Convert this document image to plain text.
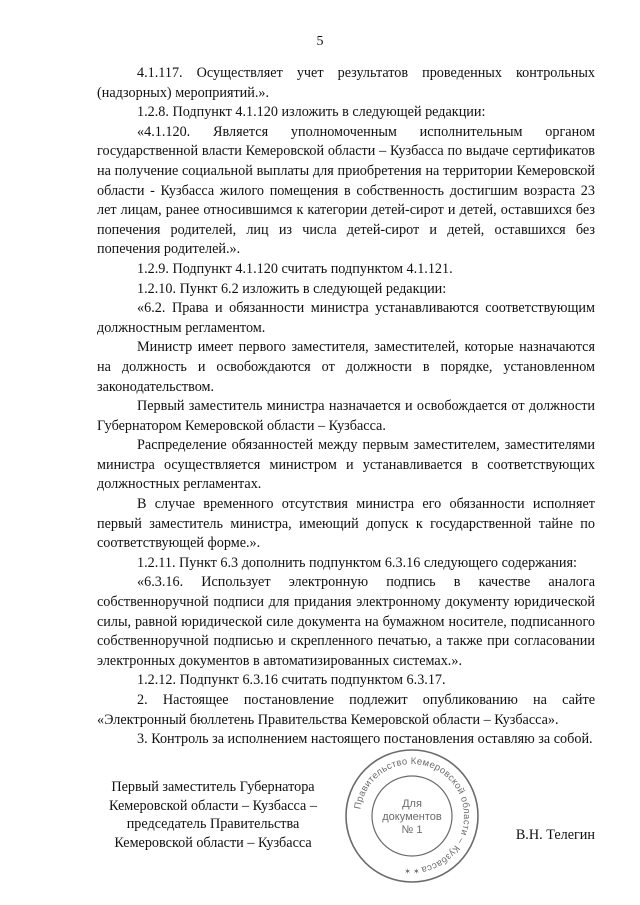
5

4.1.117. Осуществляет учет результатов проведенных контрольных (надзорных) мероприятий.».

1.2.8. Подпункт 4.1.120 изложить в следующей редакции:

«4.1.120. Является уполномоченным исполнительным органом государственной власти Кемеровской области – Кузбасса по выдаче сертификатов на получение социальной выплаты для приобретения на территории Кемеровской области - Кузбасса жилого помещения в собственность достигшим возраста 23 лет лицам, ранее относившимся к категории детей-сирот и детей, оставшихся без попечения родителей, лиц из числа детей-сирот и детей, оставшихся без попечения родителей.».

1.2.9. Подпункт 4.1.120 считать подпунктом 4.1.121.

1.2.10. Пункт 6.2 изложить в следующей редакции:

«6.2. Права и обязанности министра устанавливаются соответствующим должностным регламентом.

Министр имеет первого заместителя, заместителей, которые назначаются на должность и освобождаются от должности в порядке, установленном законодательством.

Первый заместитель министра назначается и освобождается от должности Губернатором Кемеровской области – Кузбасса.

Распределение обязанностей между первым заместителем, заместителями министра осуществляется министром и устанавливается в соответствующих должностных регламентах.

В случае временного отсутствия министра его обязанности исполняет первый заместитель министра, имеющий допуск к государственной тайне по соответствующей форме.».

1.2.11. Пункт 6.3 дополнить подпунктом 6.3.16 следующего содержания:

«6.3.16. Использует электронную подпись в качестве аналога собственноручной подписи для придания электронному документу юридической силы, равной юридической силе документа на бумажном носителе, подписанного собственноручной подписью и скрепленного печатью, а также при согласовании электронных документов в автоматизированных системах.».

1.2.12. Подпункт 6.3.16 считать подпунктом 6.3.17.

2. Настоящее постановление подлежит опубликованию на сайте «Электронный бюллетень Правительства Кемеровской области – Кузбасса».

3. Контроль за исполнением настоящего постановления оставляю за собой.

Первый заместитель Губернатора
Кемеровской области – Кузбасса –
председатель Правительства
Кемеровской области – Кузбасса
Правительство Кемеровской области – Кузбасса
✶ ✶
Для
документов
№ 1	В.Н. Телегин
